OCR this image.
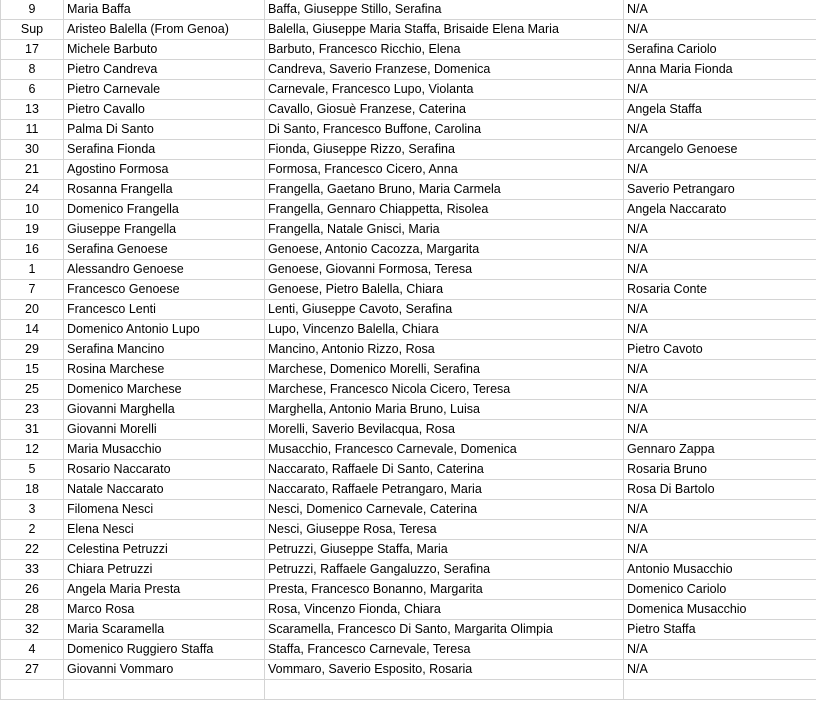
9	Maria Baffa	Baffa, Giuseppe Stillo, Serafina	N/A
Sup	Aristeo Balella (From Genoa)	Balella, Giuseppe Maria Staffa, Brisaide Elena Maria	N/A
17	Michele Barbuto	Barbuto, Francesco Ricchio, Elena	Serafina Cariolo
8	Pietro Candreva	Candreva, Saverio Franzese, Domenica	Anna Maria Fionda
6	Pietro Carnevale	Carnevale, Francesco Lupo, Violanta	N/A
13	Pietro Cavallo	Cavallo, Giosuè Franzese, Caterina	Angela Staffa
11	Palma Di Santo	Di Santo, Francesco Buffone, Carolina	N/A
30	Serafina Fionda	Fionda, Giuseppe Rizzo, Serafina	Arcangelo Genoese
21	Agostino Formosa	Formosa, Francesco Cicero, Anna	N/A
24	Rosanna Frangella	Frangella, Gaetano Bruno, Maria Carmela	Saverio Petrangaro
10	Domenico Frangella	Frangella, Gennaro Chiappetta, Risolea	Angela Naccarato
19	Giuseppe Frangella	Frangella, Natale Gnisci, Maria	N/A
16	Serafina Genoese	Genoese, Antonio Cacozza, Margarita	N/A
1	Alessandro Genoese	Genoese, Giovanni Formosa, Teresa	N/A
7	Francesco Genoese	Genoese, Pietro Balella, Chiara	Rosaria Conte
20	Francesco Lenti	Lenti, Giuseppe Cavoto, Serafina	N/A
14	Domenico Antonio Lupo	Lupo, Vincenzo Balella, Chiara	N/A
29	Serafina Mancino	Mancino, Antonio Rizzo, Rosa	Pietro Cavoto
15	Rosina Marchese	Marchese, Domenico Morelli, Serafina	N/A
25	Domenico Marchese	Marchese, Francesco Nicola Cicero, Teresa	N/A
23	Giovanni Marghella	Marghella, Antonio Maria Bruno, Luisa	N/A
31	Giovanni Morelli	Morelli, Saverio Bevilacqua, Rosa	N/A
12	Maria Musacchio	Musacchio, Francesco Carnevale, Domenica	Gennaro Zappa
5	Rosario Naccarato	Naccarato, Raffaele Di Santo, Caterina	Rosaria Bruno
18	Natale Naccarato	Naccarato, Raffaele Petrangaro, Maria	Rosa Di Bartolo
3	Filomena Nesci	Nesci, Domenico Carnevale, Caterina	N/A
2	Elena Nesci	Nesci, Giuseppe Rosa, Teresa	N/A
22	Celestina Petruzzi	Petruzzi, Giuseppe Staffa, Maria	N/A
33	Chiara Petruzzi	Petruzzi, Raffaele Gangaluzzo, Serafina	Antonio Musacchio
26	Angela Maria Presta	Presta, Francesco Bonanno, Margarita	Domenico Cariolo
28	Marco Rosa	Rosa, Vincenzo Fionda, Chiara	Domenica Musacchio
32	Maria Scaramella	Scaramella, Francesco Di Santo, Margarita Olimpia	Pietro Staffa
4	Domenico Ruggiero Staffa	Staffa, Francesco Carnevale, Teresa	N/A
27	Giovanni Vommaro	Vommaro, Saverio Esposito, Rosaria	N/A
